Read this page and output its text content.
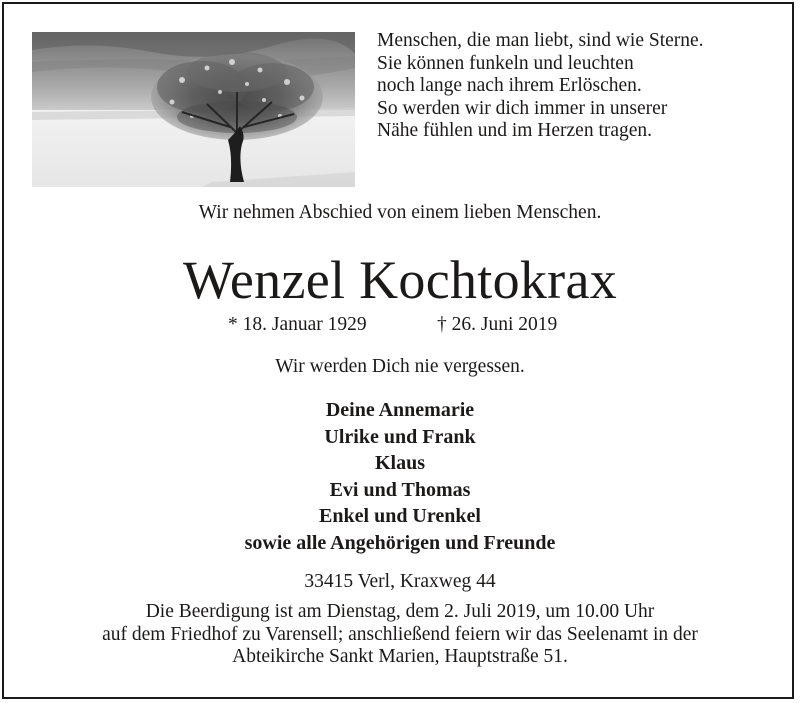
Menschen, die man liebt, sind wie Sterne.
Sie können funkeln und leuchten
noch lange nach ihrem Erlöschen.
So werden wir dich immer in unserer
Nähe fühlen und im Herzen tragen.
Wir nehmen Abschied von einem lieben Menschen.
Wenzel Kochtokrax
* 18. Januar 1929	† 26. Juni 2019
Wir werden Dich nie vergessen.
Deine Annemarie
Ulrike und Frank
Klaus
Evi und Thomas
Enkel und Urenkel
sowie alle Angehörigen und Freunde
33415 Verl, Kraxweg 44
Die Beerdigung ist am Dienstag, dem 2. Juli 2019, um 10.00 Uhr
auf dem Friedhof zu Varensell; anschließend feiern wir das Seelenamt in der
Abteikirche Sankt Marien, Hauptstraße 51.
